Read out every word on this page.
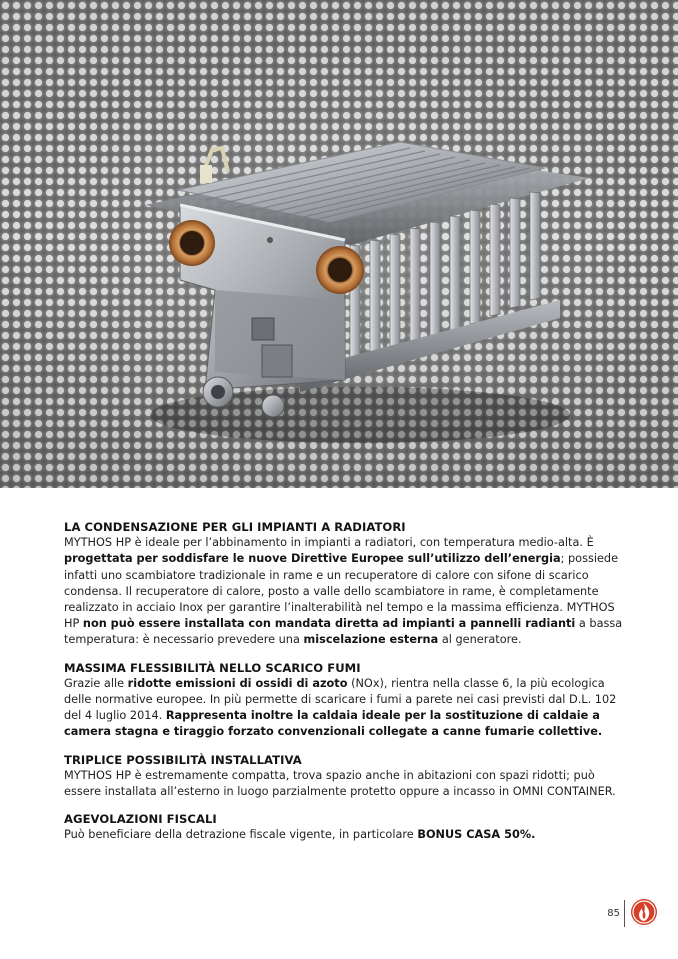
LA CONDENSAZIONE PER GLI IMPIANTI A RADIATORI

MYTHOS HP è ideale per l’abbinamento in impianti a radiatori, con temperatura medio-alta. È progettata per soddisfare le nuove Direttive Europee sull’utilizzo dell’energia; possiede infatti uno scambiatore tradizionale in rame e un recuperatore di calore con sifone di scarico condensa. Il recuperatore di calore, posto a valle dello scambiatore in rame, è completamente realizzato in acciaio Inox per garantire l’inalterabilità nel tempo e la massima efficienza. MYTHOS HP non può essere installata con mandata diretta ad impianti a pannelli radianti a bassa temperatura: è necessario prevedere una miscelazione esterna al generatore.

MASSIMA FLESSIBILITÀ NELLO SCARICO FUMI

Grazie alle ridotte emissioni di ossidi di azoto (NOx), rientra nella classe 6, la più ecologica delle normative europee. In più permette di scaricare i fumi a parete nei casi previsti dal D.L. 102 del 4 luglio 2014. Rappresenta inoltre la caldaia ideale per la sostituzione di caldaie a camera stagna e tiraggio forzato convenzionali collegate a canne fumarie collettive.

TRIPLICE POSSIBILITÀ INSTALLATIVA

MYTHOS HP è estremamente compatta, trova spazio anche in abitazioni con spazi ridotti; può essere installata all’esterno in luogo parzialmente protetto oppure a incasso in OMNI CONTAINER.

AGEVOLAZIONI FISCALI

Può beneficiare della detrazione fiscale vigente, in particolare BONUS CASA 50%.

85
